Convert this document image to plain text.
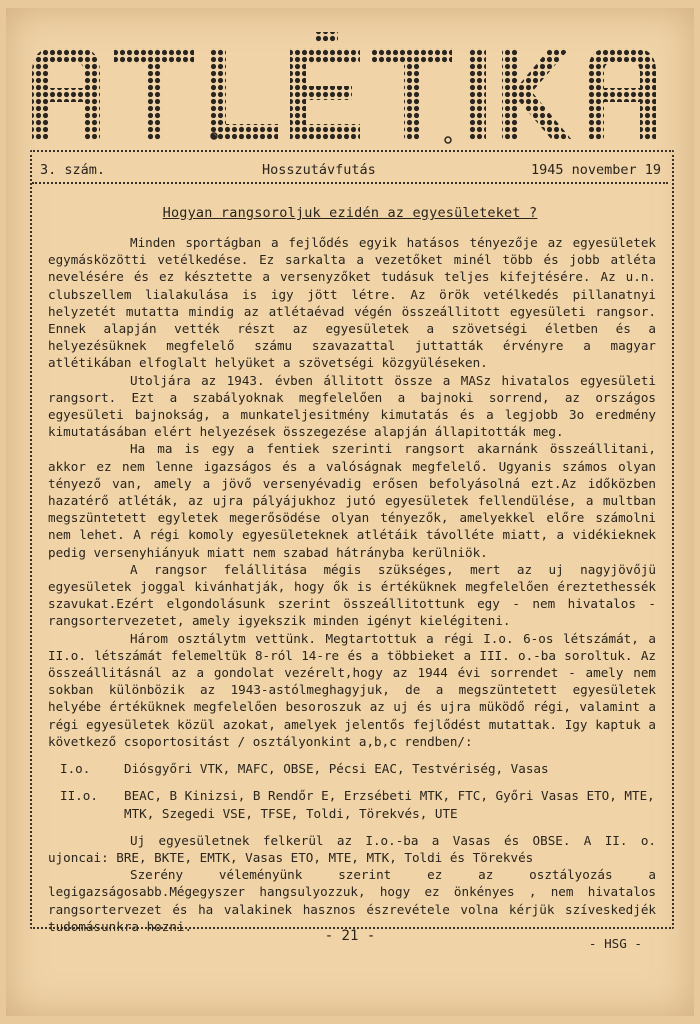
3. szám.

	Hosszutávfutás

	1945 november 19

Hogyan rangsoroljuk ezidén az egyesületeket ?

Minden sportágban a fejlődés egyik hatásos tényezője az egyesületek egymásközötti vetélkedése. Ez sarkalta a vezetőket minél több és jobb atléta nevelésére és ez késztette a versenyzőket tudásuk teljes kifejtésére. Az u.n. clubszellem lialakulása is igy jött létre. Az örök vetélkedés pillanatnyi helyzetét mutatta mindig az atlétaévad végén összeállitott egyesületi rangsor. Ennek alapján vették részt az egyesületek a szövetségi életben és a helyezésüknek megfelelő számu szavazattal juttatták érvényre a magyar atlétikában elfoglalt helyüket a szövetségi közgyüléseken.

Utoljára az 1943. évben állitott össze a MASz hivatalos egyesületi rangsort. Ezt a szabályoknak megfelelően a bajnoki sorrend, az országos egyesületi bajnokság, a munkateljesitmény kimutatás és a legjobb 3o eredmény kimutatásában elért helyezések összegezése alapján állapitották meg.

Ha ma is egy a fentiek szerinti rangsort akarnánk összeállitani, akkor ez nem lenne igazságos és a valóságnak megfelelő. Ugyanis számos olyan tényező van, amely a jövő versenyévadig erősen befolyásolná ezt.Az időközben hazatérő atléták, az ujra pályájukhoz jutó egyesületek fellendülése, a multban megszüntetett egyletek megerősödése olyan tényezők, amelyekkel előre számolni nem lehet. A régi komoly egyesületeknek atlétáik távolléte miatt, a vidékieknek pedig versenyhiányuk miatt nem szabad hátrányba kerülniök.

A rangsor felállitása mégis szükséges, mert az uj nagyjövőjü egyesületek joggal kivánhatják, hogy ők is értéküknek megfelelően éreztethessék szavukat.Ezért elgondolásunk szerint összeállitottunk egy - nem hivatalos - rangsortervezetet, amely igyekszik minden igényt kielégiteni.

Három osztálytm vettünk. Megtartottuk a régi I.o. 6-os létszámát, a II.o. létszámát felemeltük 8-ról 14-re és a többieket a III. o.-ba soroltuk. Az összeállitásnál az a gondolat vezérelt,hogy az 1944 évi sorrendet - amely nem sokban különbözik az 1943-astólmeghagyjuk, de a megszüntetett egyesületek helyébe értéküknek megfelelően besoroszuk az uj és ujra müködő régi, valamint a régi egyesületek közül azokat, amelyek jelentős fejlődést mutattak. Igy kaptuk a következő csoportositást / osztályonkint a,b,c rendben/:

I.o.	Diósgyőri VTK, MAFC, OBSE, Pécsi EAC, Testvériség, Vasas
II.o.	BEAC, B Kinizsi, B Rendőr E, Erzsébeti MTK, FTC, Győri Vasas ETO, MTE, MTK, Szegedi VSE, TFSE, Toldi, Törekvés, UTE

Uj egyesületnek felkerül az I.o.-ba a Vasas és OBSE. A II. o. ujoncai: BRE, BKTE, EMTK, Vasas ETO, MTE, MTK, Toldi és Törekvés

Szerény véleményünk szerint ez az osztályozás a legigazságosabb.Mégegyszer hangsulyozzuk, hogy ez önkényes , nem hivatalos rangsortervezet és ha valakinek hasznos észrevétele volna kérjük szíveskedjék tudomásunkra hozni.

- HSG -
- 21 -
